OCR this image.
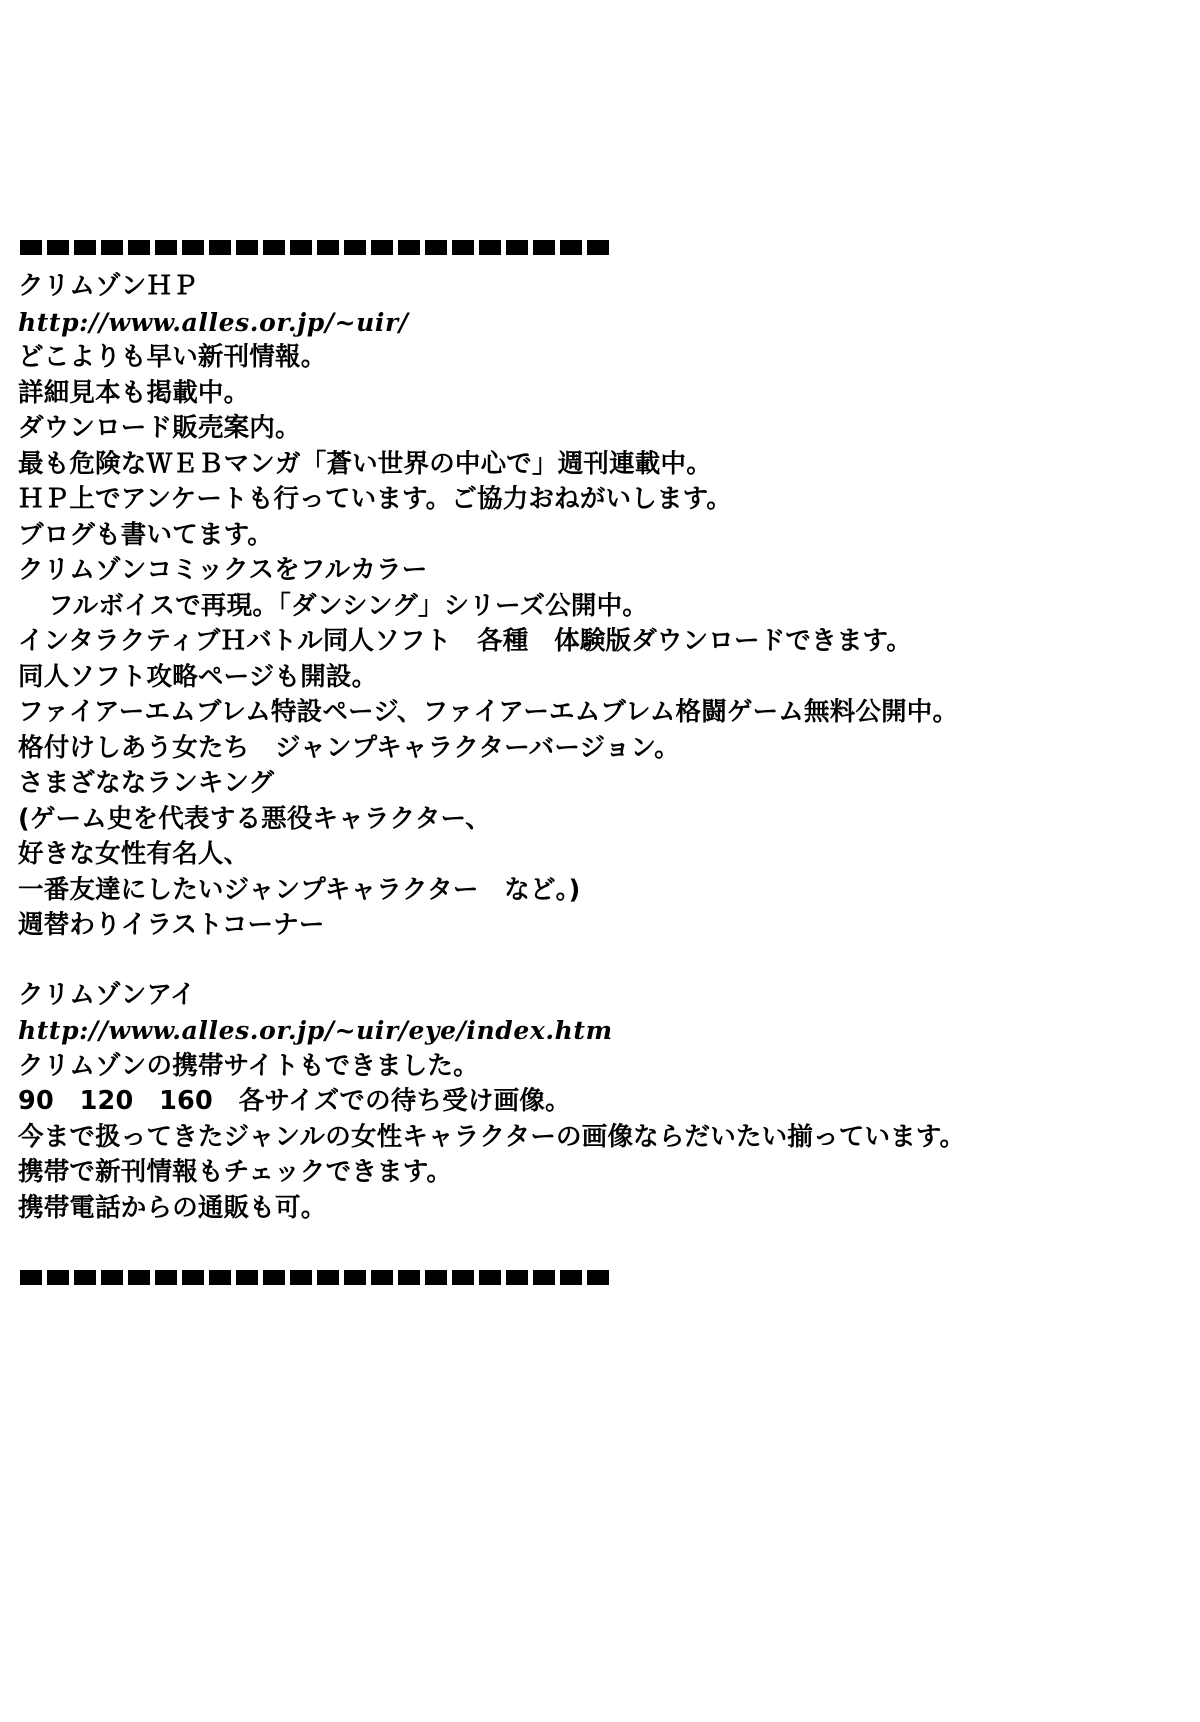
クリムゾンＨＰ
http://www.alles.or.jp/~uir/
どこよりも早い新刊情報。
詳細見本も掲載中。
ダウンロード販売案内。
最も危険なＷＥＢマンガ「蒼い世界の中心で」週刊連載中。
ＨＰ上でアンケートも行っています。ご協力おねがいします。
ブログも書いてます。
クリムゾンコミックスをフルカラー
フルボイスで再現。「ダンシング」シリーズ公開中。
インタラクティブＨバトル同人ソフト　各種　体験版ダウンロードできます。
同人ソフト攻略ページも開設。
ファイアーエムブレム特設ページ、ファイアーエムブレム格闘ゲーム無料公開中。
格付けしあう女たち　ジャンプキャラクターバージョン。
さまざななランキング
(ゲーム史を代表する悪役キャラクター、
好きな女性有名人、
一番友達にしたいジャンプキャラクター　など。)
週替わりイラストコーナー
クリムゾンアイ
http://www.alles.or.jp/~uir/eye/index.htm
クリムゾンの携帯サイトもできました。
90　120　160　各サイズでの待ち受け画像。
今まで扱ってきたジャンルの女性キャラクターの画像ならだいたい揃っています。
携帯で新刊情報もチェックできます。
携帯電話からの通販も可。
